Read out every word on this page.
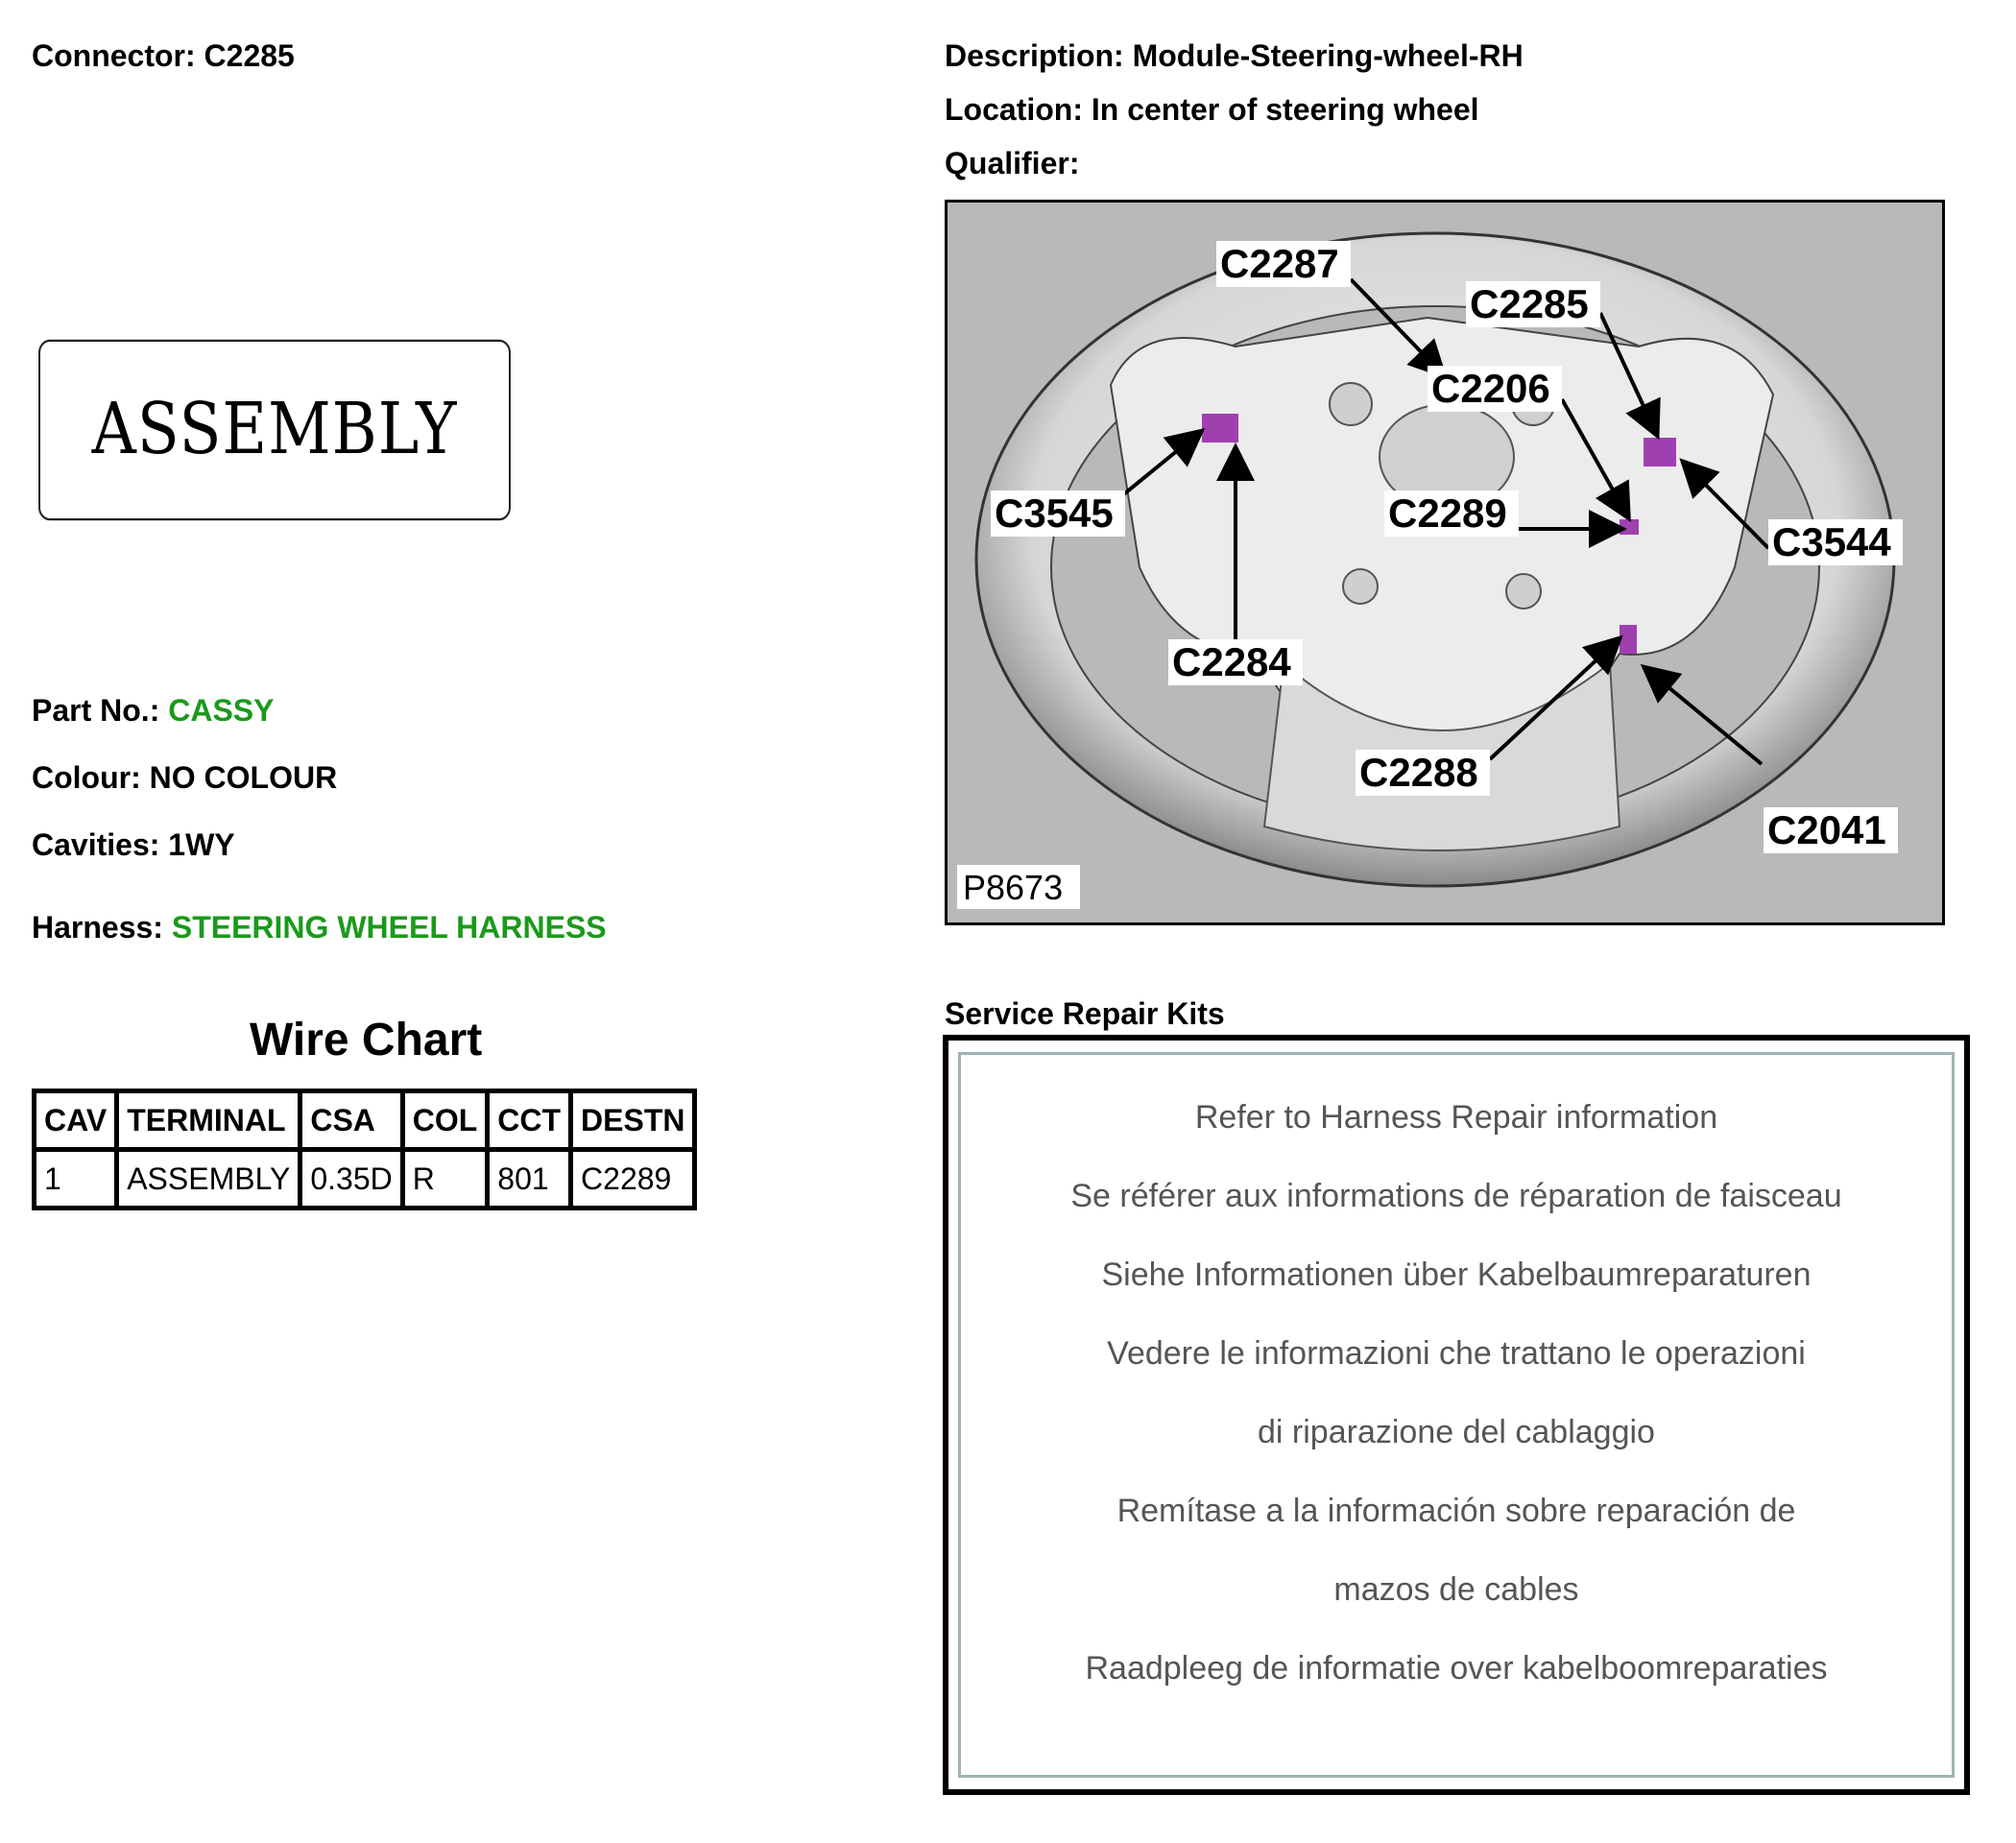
Connector: C2285	Description: Module-Steering-wheel-RH
Location: In center of steering wheel
Qualifier:
ASSEMBLY
Part No.: CASSY
Colour: NO COLOUR
Cavities: 1WY
Harness: STEERING WHEEL HARNESS
Wire Chart
CAV	TERMINAL	CSA	COL	CCT	DESTN
1	ASSEMBLY	0.35D	R	801	C2289
C2287
C2285
C2206
C3545	C2289
C3544
C2284
C2288
C2041
P8673
Service Repair Kits
Refer to Harness Repair information
Se référer aux informations de réparation de faisceau
Siehe Informationen über Kabelbaumreparaturen
Vedere le informazioni che trattano le operazioni
di riparazione del cablaggio
Remítase a la información sobre reparación de
mazos de cables
Raadpleeg de informatie over kabelboomreparaties
